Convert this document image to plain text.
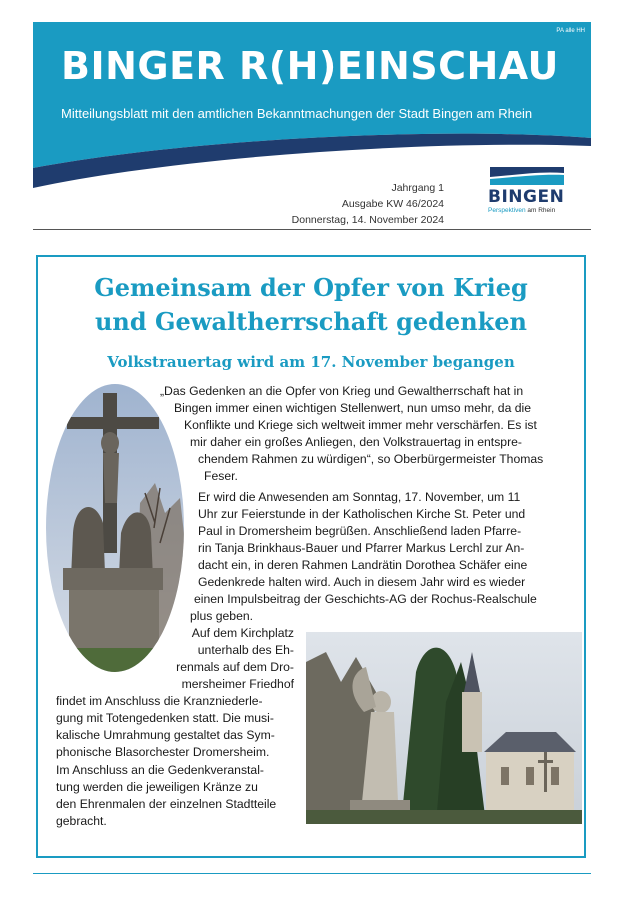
PA alle HH
BINGER R(H)EINSCHAU
Mitteilungsblatt mit den amtlichen Bekanntmachungen der Stadt Bingen am Rhein
Jahrgang 1
Ausgabe KW 46/2024
Donnerstag, 14. November 2024
BINGEN
Perspektiven am Rhein
Gemeinsam der Opfer von Krieg
und Gewaltherrschaft gedenken
Volkstrauertag wird am 17. November begangen

„Das Gedenken an die Opfer von Krieg und Gewaltherrschaft hat in
Bingen immer einen wichtigen Stellenwert, nun umso mehr, da die
Konflikte und Kriege sich weltweit immer mehr verschärfen. Es ist
mir daher ein großes Anliegen, den Volkstrauertag in entspre-
chendem Rahmen zu würdigen“, so Oberbürgermeister Thomas
Feser.

Er wird die Anwesenden am Sonntag, 17. November, um 11
Uhr zur Feierstunde in der Katholischen Kirche St. Peter und
Paul in Dromersheim begrüßen. Anschließend laden Pfarre-
rin Tanja Brinkhaus-Bauer und Pfarrer Markus Lerchl zur An-
dacht ein, in deren Rahmen Landrätin Dorothea Schäfer eine
Gedenkrede halten wird. Auch in diesem Jahr wird es wieder
einen Impulsbeitrag der Geschichts-AG der Rochus-Realschule
plus geben.

Auf dem Kirchplatz
unterhalb des Eh-
renmals auf dem Dro-
mersheimer Friedhof
findet im Anschluss die Kranzniederle-
gung mit Totengedenken statt. Die musi-
kalische Umrahmung gestaltet das Sym-
phonische Blasorchester Dromersheim.

Im Anschluss an die Gedenkveranstal-
tung werden die jeweiligen Kränze zu
den Ehrenmalen der einzelnen Stadtteile
gebracht.
